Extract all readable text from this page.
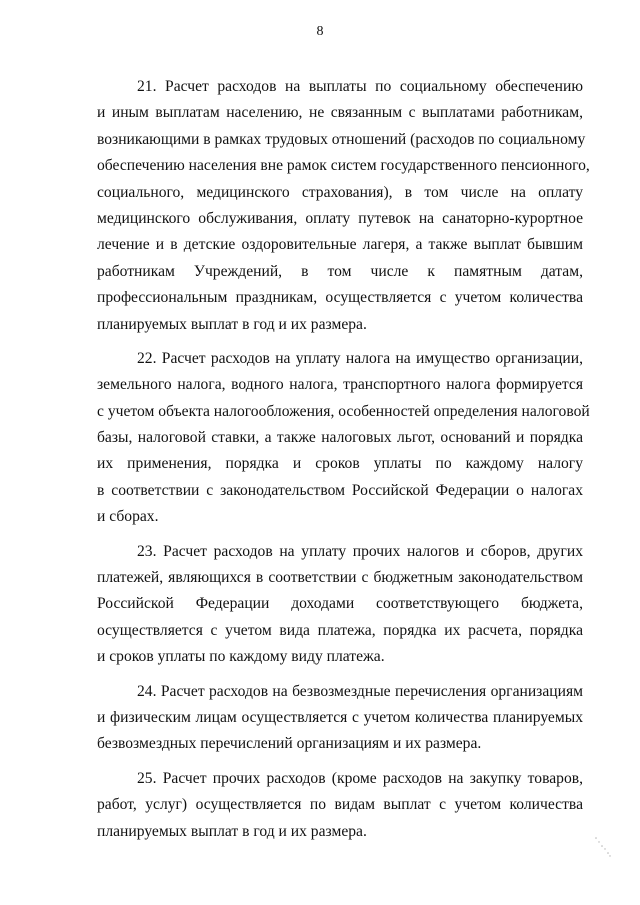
8
21. Расчет расходов на выплаты по социальному обеспечению
и иным выплатам населению, не связанным с выплатами работникам,
возникающими в рамках трудовых отношений (расходов по социальному
обеспечению населения вне рамок систем государственного пенсионного,
социального, медицинского страхования), в том числе на оплату
медицинского обслуживания, оплату путевок на санаторно-курортное
лечение и в детские оздоровительные лагеря, а также выплат бывшим
работникам Учреждений, в том числе к памятным датам,
профессиональным праздникам, осуществляется с учетом количества
планируемых выплат в год и их размера.
22. Расчет расходов на уплату налога на имущество организации,
земельного налога, водного налога, транспортного налога формируется
с учетом объекта налогообложения, особенностей определения налоговой
базы, налоговой ставки, а также налоговых льгот, оснований и порядка
их применения, порядка и сроков уплаты по каждому налогу
в соответствии с законодательством Российской Федерации о налогах
и сборах.
23. Расчет расходов на уплату прочих налогов и сборов, других
платежей, являющихся в соответствии с бюджетным законодательством
Российской Федерации доходами соответствующего бюджета,
осуществляется с учетом вида платежа, порядка их расчета, порядка
и сроков уплаты по каждому виду платежа.
24. Расчет расходов на безвозмездные перечисления организациям
и физическим лицам осуществляется с учетом количества планируемых
безвозмездных перечислений организациям и их размера.
25. Расчет прочих расходов (кроме расходов на закупку товаров,
работ, услуг) осуществляется по видам выплат с учетом количества
планируемых выплат в год и их размера.
